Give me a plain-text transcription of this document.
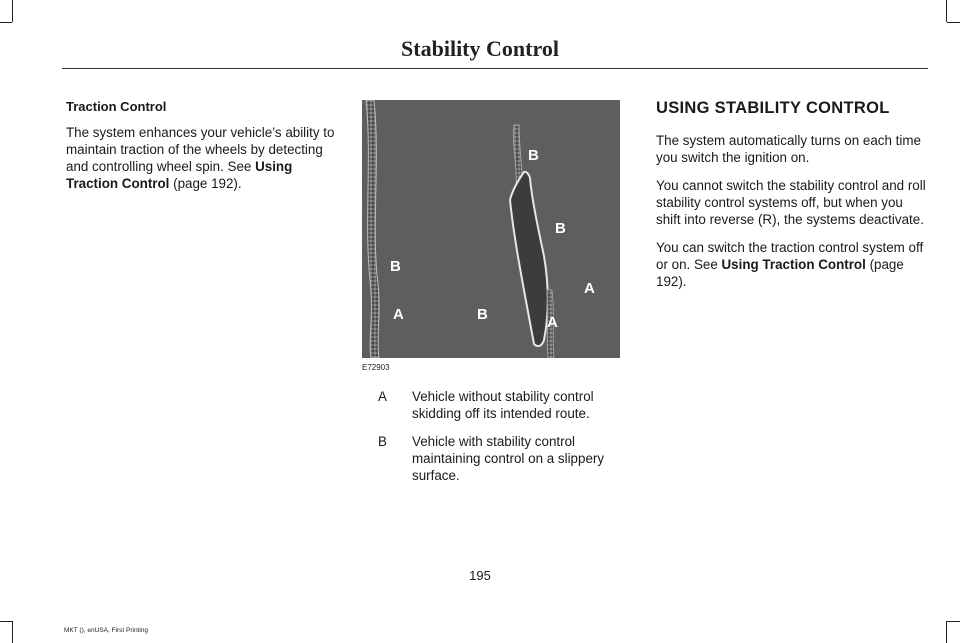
Stability Control

Traction Control

The system enhances your vehicle’s ability to maintain traction of the wheels by detecting and controlling wheel spin. See Using Traction Control (page 192).

B
B
B
A
A	B	A
E72903
A	Vehicle without stability control skidding off its intended route.
B	Vehicle with stability control maintaining control on a slippery surface.

USING STABILITY CONTROL

The system automatically turns on each time you switch the ignition on.

You cannot switch the stability control and roll stability control systems off, but when you shift into reverse (R), the systems deactivate.

You can switch the traction control system off or on. See Using Traction Control (page 192).

195
MKT (), enUSA, First Printing
